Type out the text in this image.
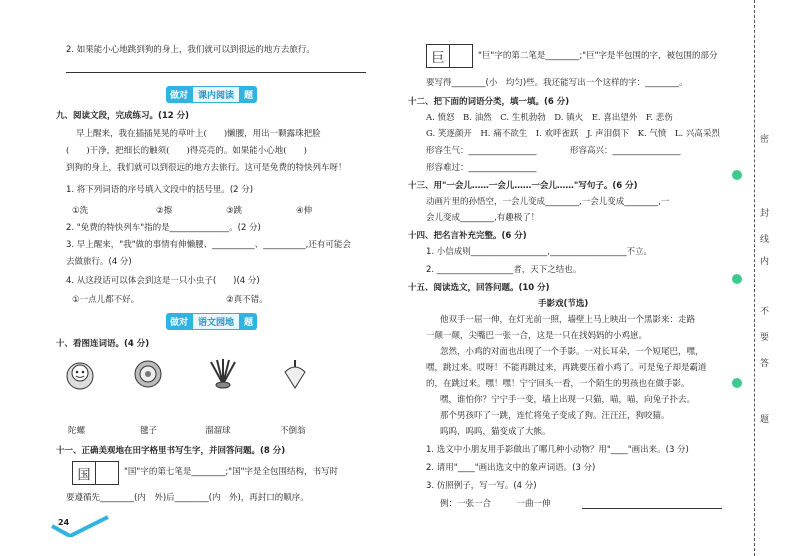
2. 如果能小心地跳到狗的身上，我们就可以到很远的地方去旅行。
做对	课内阅读	题
九、阅读文段，完成练习。(12 分)
早上醒来，我在插插晃晃的草叶上(　　)懒腰，用出一颗露珠把脸
(　　)干净，把细长的触须(　　)得亮亮的。如果能小心地(　　)
到狗的身上，我们就可以到很远的地方去旅行。这可是免费的特快列车呀！
1. 将下列词语的序号填入文段中的括号里。(2 分)
①洗	②擦	③跳	④伸
2. "免费的特快列车"指的是______________。(2 分)
3. 早上醒来，"我"做的事情有伸懒腰、__________、__________,还有可能会
去做旅行。(4 分)
4. 从这段话可以体会到这是一只小虫子(　　)(4 分)
①一点儿都不好。	②真不错。
做对	语文园地	题
十、看图连词语。(4 分)
陀螺	毽子	溜溜球	不倒翁
十一、正确美观地在田字格里书写生字，并回答问题。(8 分)
国	"国"字的第七笔是________;"国"字是全包围结构，书写时
要遵循先________(内　外)后________(内　外)，再封口的顺序。
24
巨	"巨"字的第二笔是________;"巨"字是半包围的字，被包围的部分
要写得________(小　均匀)些。我还能写出一个这样的字：________。
十二、把下面的词语分类，填一填。(6 分)
A. 愤怒　B. 油然　C. 生机勃勃　D. 镇火　E. 喜出望外　F. 悲伤
G. 笑逐颜开　H. 痛不欲生　I. 欢呼雀跃　J. 声泪俱下　K. 气愤　L. 兴高采烈
形容生气：________________	形容高兴：________________
形容难过：________________
十三、用"一会儿……一会儿……一会儿……"写句子。(6 分)
动画片里的孙悟空，一会儿变成________,一会儿变成________,一
会儿变成________,有趣极了！
十四、把名言补充完整。(6 分)
1. 小信成则__________________,__________________不立。
2. __________________者，天下之结也。
十五、阅读选文，回答问题。(10 分)
手影戏(节选)
他双手一屈一伸，在灯光前一照，墙壁上马上映出一个黑影来：走路
一颠一颠，尖嘴巴一张一合，这是一只在找妈妈的小鸡崽。
忽然，小鸡的对面也出现了一个手影。一对长耳朵，一个短尾巴，嘿，
嘿，跳过来。哎呀！不能再跳过来，再跳要压着小鸡了。可是兔子却是霸道
的，在跳过来。嘿！嘿！宁宁回头一看，一个陌生的男孩也在做手影。
嘿，谁怕你？宁宁手一变，墙上出现一只猫，喵，喵，向兔子扑去。
那个男孩吓了一跳，连忙将兔子变成了狗。汪汪汪，狗咬猫。
呜呜，呜呜，猫变成了大熊。
1. 选文中小朋友用手影做出了哪几种小动物？用"____"画出来。(3 分)
2. 请用"____"画出选文中的象声词语。(3 分)
3. 仿照例子，写一写。(4 分)
例：一张一合　　　一曲一伸
密
封
线
内
不
要
答
题
